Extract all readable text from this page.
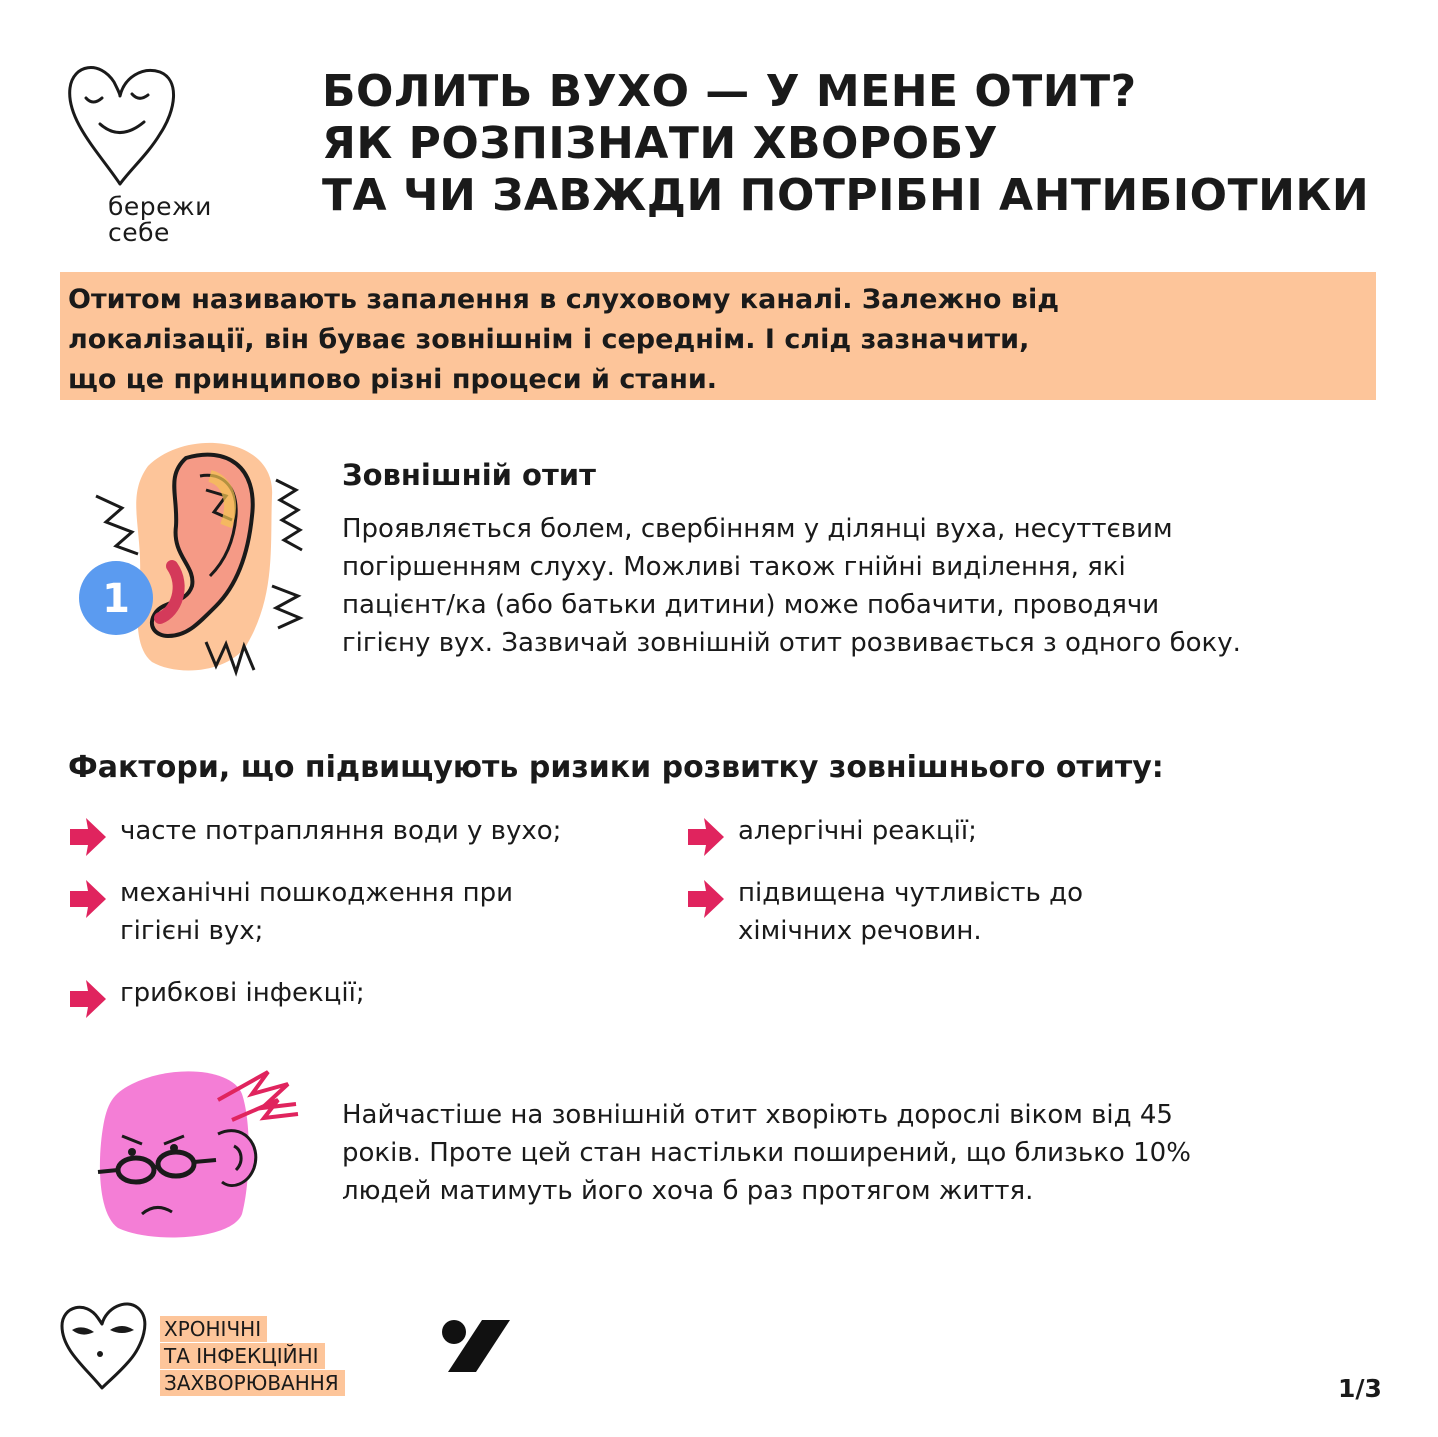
бережи
себе
БОЛИТЬ ВУХО — У МЕНЕ ОТИТ?
ЯК РОЗПІЗНАТИ ХВОРОБУ
ТА ЧИ ЗАВЖДИ ПОТРІБНІ АНТИБІОТИКИ
Отитом називають запалення в слуховому каналі. Залежно від
локалізації, він буває зовнішнім і середнім. І слід зазначити,
що це принципово різні процеси й стани.
1
Зовнішній отит
Проявляється болем, свербінням у ділянці вуха, несуттєвим
погіршенням слуху. Можливі також гнійні виділення, які
пацієнт/ка (або батьки дитини) може побачити, проводячи
гігієну вух. Зазвичай зовнішній отит розвивається з одного боку.
Фактори, що підвищують ризики розвитку зовнішнього отиту:
часте потрапляння води у вухо;
механічні пошкодження при
гігієні вух;
грибкові інфекції;
алергічні реакції;
підвищена чутливість до
хімічних речовин.
Найчастіше на зовнішній отит хворіють дорослі віком від 45
років. Проте цей стан настільки поширений, що близько 10%
людей матимуть його хоча б раз протягом життя.
ХРОНІЧНІ
ТА ІНФЕКЦІЙНІ
ЗАХВОРЮВАННЯ	1/3
